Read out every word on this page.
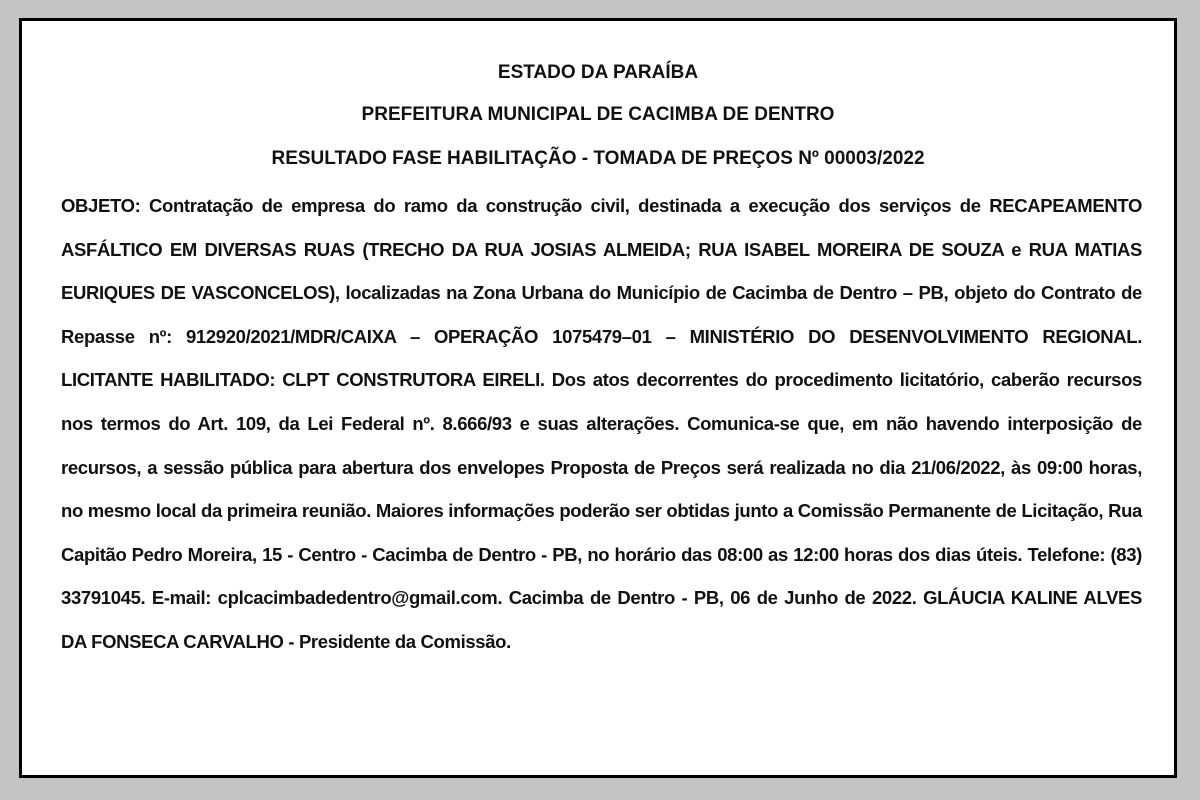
ESTADO DA PARAÍBA
PREFEITURA MUNICIPAL DE CACIMBA DE DENTRO
RESULTADO FASE HABILITAÇÃO - TOMADA DE PREÇOS Nº 00003/2022

OBJETO: Contratação de empresa do ramo da construção civil, destinada a execução dos serviços de RECAPEAMENTO ASFÁLTICO EM DIVERSAS RUAS (TRECHO DA RUA JOSIAS ALMEIDA; RUA ISABEL MOREIRA DE SOUZA e RUA MATIAS EURIQUES DE VASCONCELOS), localizadas na Zona Urbana do Município de Cacimba de Dentro – PB, objeto do Contrato de Repasse nº: 912920/2021/MDR/CAIXA – OPERAÇÃO 1075479–01 – MINISTÉRIO DO DESENVOLVIMENTO REGIONAL. LICITANTE HABILITADO: CLPT CONSTRUTORA EIRELI. Dos atos decorrentes do procedimento licitatório, caberão recursos nos termos do Art. 109, da Lei Federal nº. 8.666/93 e suas alterações. Comunica-se que, em não havendo interposição de recursos, a sessão pública para abertura dos envelopes Proposta de Preços será realizada no dia 21/06/2022, às 09:00 horas, no mesmo local da primeira reunião. Maiores informações poderão ser obtidas junto a Comissão Permanente de Licitação, Rua Capitão Pedro Moreira, 15 - Centro - Cacimba de Dentro - PB, no horário das 08:00 as 12:00 horas dos dias úteis. Telefone: (83) 33791045. E-mail: cplcacimbadedentro@gmail.com. Cacimba de Dentro - PB, 06 de Junho de 2022. GLÁUCIA KALINE ALVES DA FONSECA CARVALHO - Presidente da Comissão.
